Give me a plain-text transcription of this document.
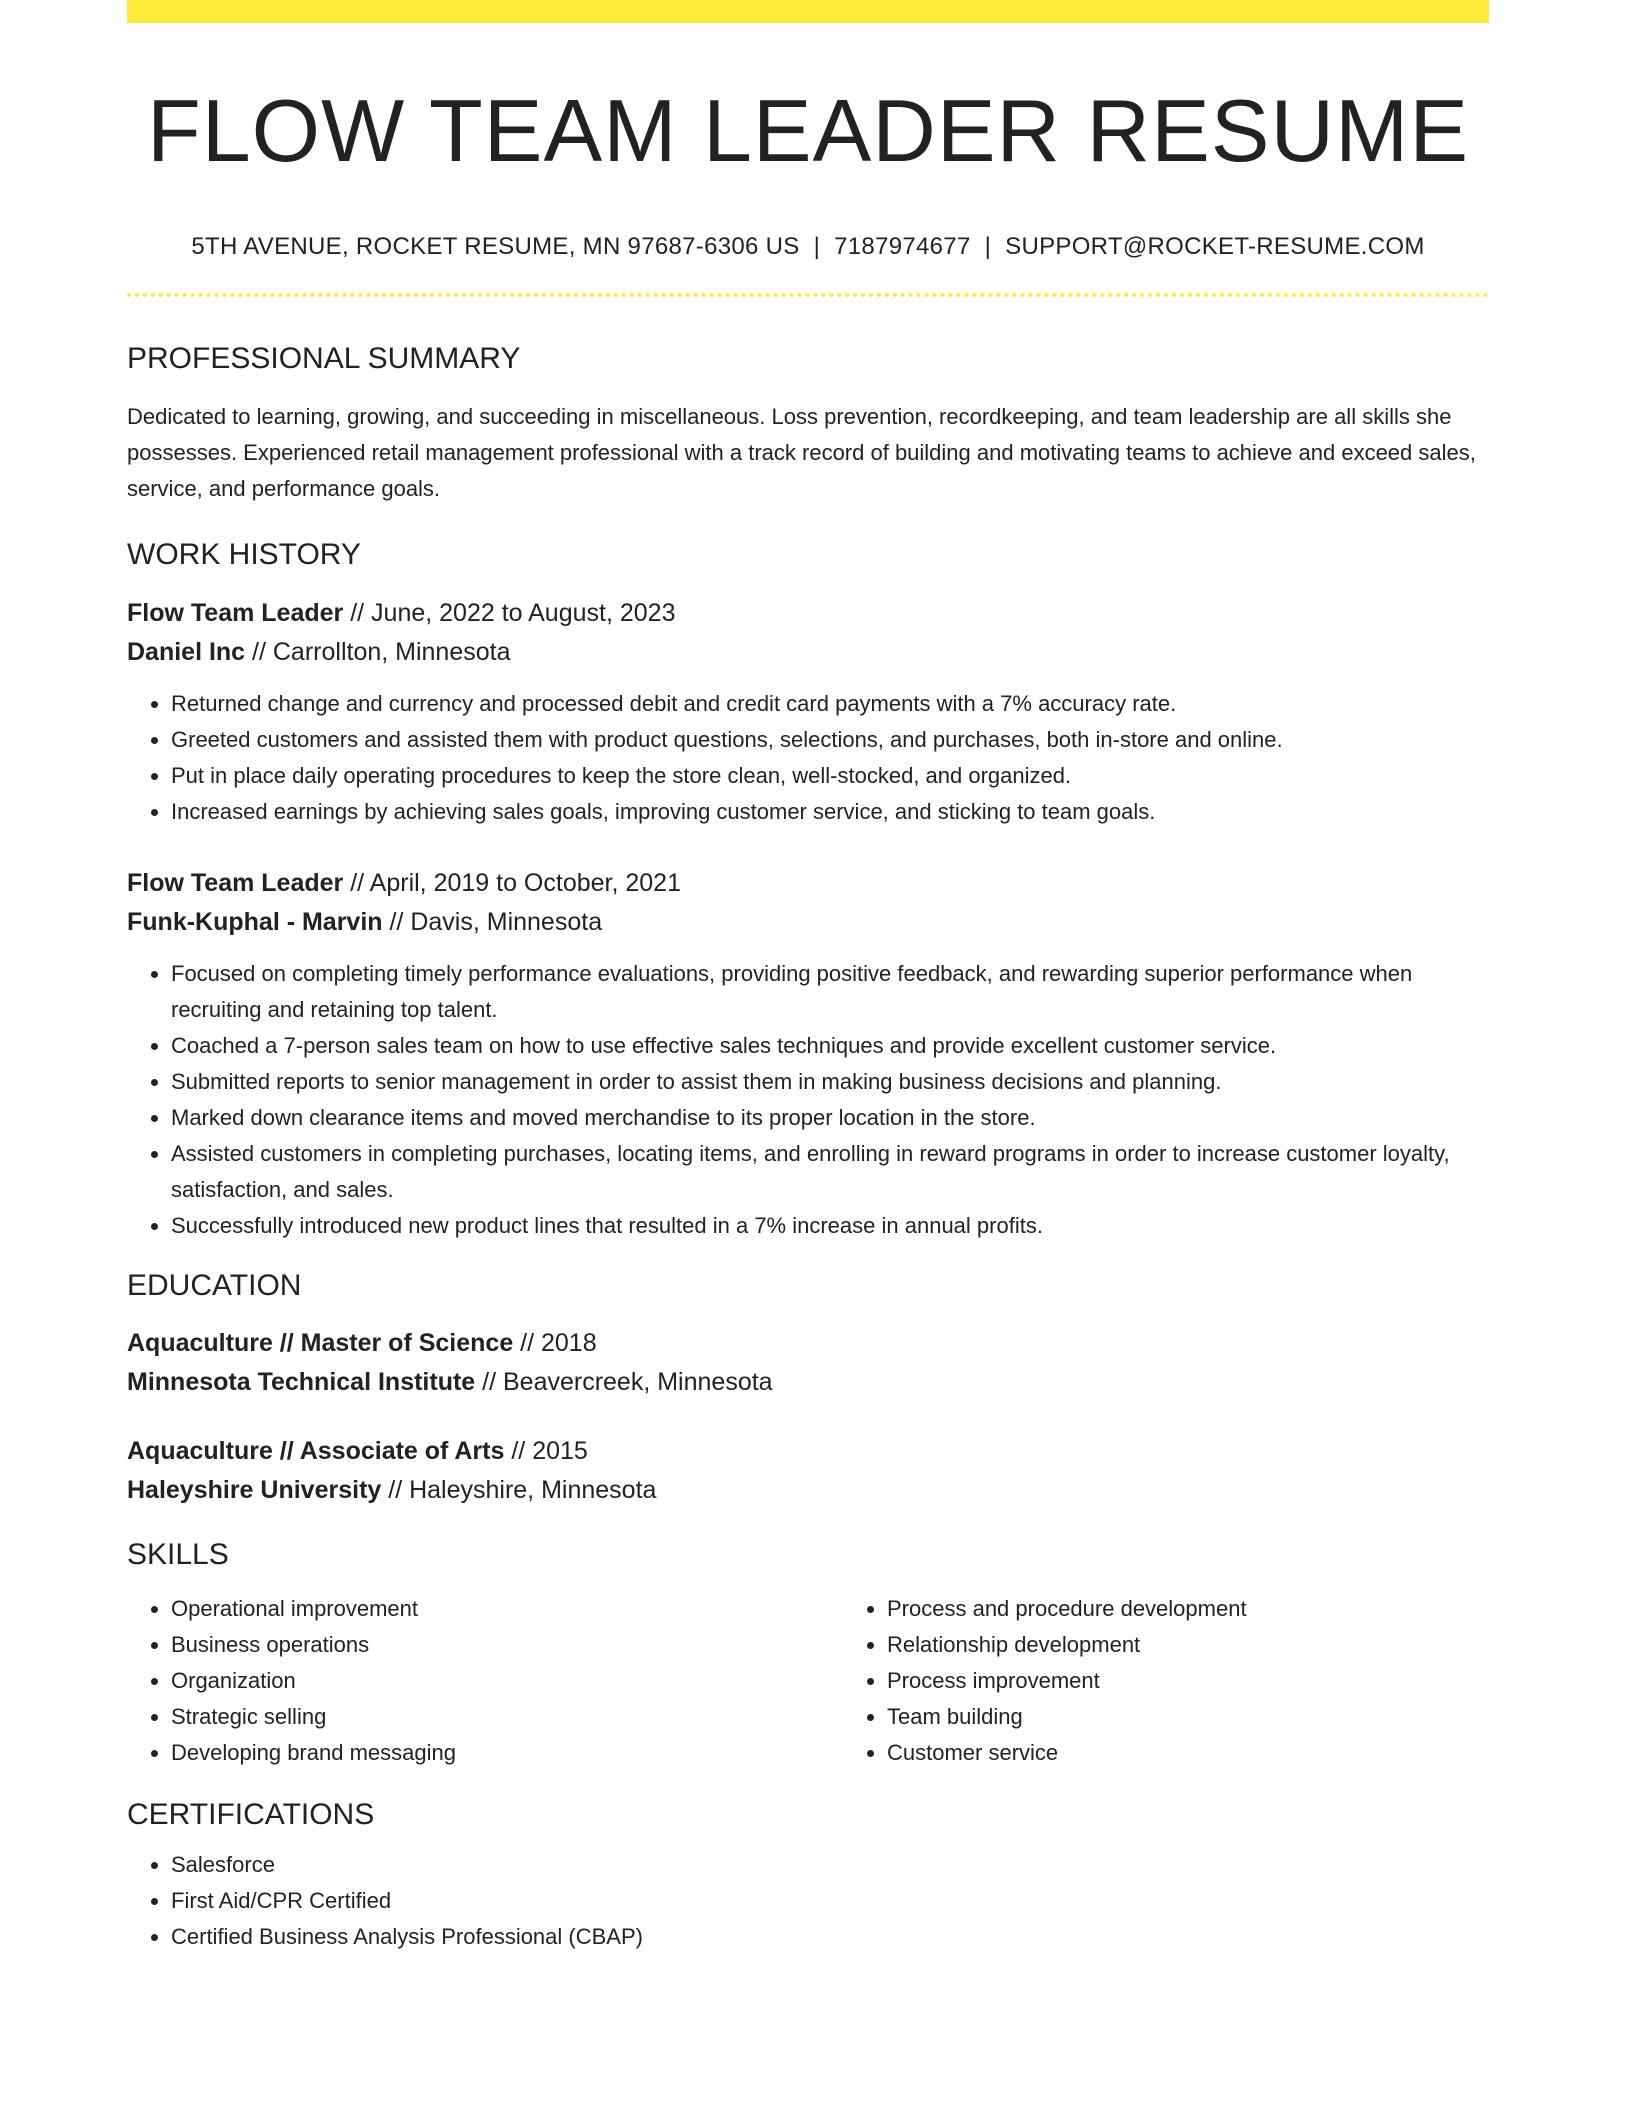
FLOW TEAM LEADER RESUME
5TH AVENUE, ROCKET RESUME, MN 97687-6306 US | 7187974677 | SUPPORT@ROCKET-RESUME.COM
PROFESSIONAL SUMMARY
Dedicated to learning, growing, and succeeding in miscellaneous. Loss prevention, recordkeeping, and team leadership are all skills she possesses. Experienced retail management professional with a track record of building and motivating teams to achieve and exceed sales, service, and performance goals.
WORK HISTORY
Flow Team Leader // June, 2022 to August, 2023
Daniel Inc // Carrollton, Minnesota
• Returned change and currency and processed debit and credit card payments with a 7% accuracy rate.
• Greeted customers and assisted them with product questions, selections, and purchases, both in-store and online.
• Put in place daily operating procedures to keep the store clean, well-stocked, and organized.
• Increased earnings by achieving sales goals, improving customer service, and sticking to team goals.
Flow Team Leader // April, 2019 to October, 2021
Funk-Kuphal - Marvin // Davis, Minnesota
• Focused on completing timely performance evaluations, providing positive feedback, and rewarding superior performance when recruiting and retaining top talent.
• Coached a 7-person sales team on how to use effective sales techniques and provide excellent customer service.
• Submitted reports to senior management in order to assist them in making business decisions and planning.
• Marked down clearance items and moved merchandise to its proper location in the store.
• Assisted customers in completing purchases, locating items, and enrolling in reward programs in order to increase customer loyalty, satisfaction, and sales.
• Successfully introduced new product lines that resulted in a 7% increase in annual profits.
EDUCATION
Aquaculture // Master of Science // 2018
Minnesota Technical Institute // Beavercreek, Minnesota
Aquaculture // Associate of Arts // 2015
Haleyshire University // Haleyshire, Minnesota
SKILLS
• Operational improvement
• Business operations
• Organization
• Strategic selling
• Developing brand messaging
• Process and procedure development
• Relationship development
• Process improvement
• Team building
• Customer service
CERTIFICATIONS
• Salesforce
• First Aid/CPR Certified
• Certified Business Analysis Professional (CBAP)
